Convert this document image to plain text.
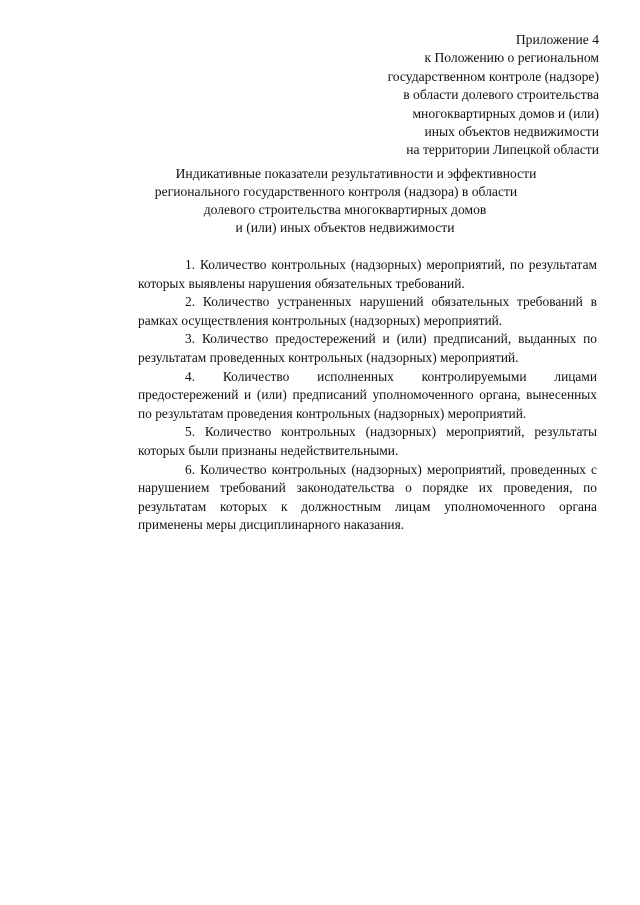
Приложение 4
к Положению о региональном
государственном контроле (надзоре)
в области долевого строительства
многоквартирных домов и (или)
иных объектов недвижимости
на территории Липецкой области
Индикативные показатели результативности и эффективности
регионального государственного контроля (надзора) в области
долевого строительства многоквартирных домов
и (или) иных объектов недвижимости
1. Количество контрольных (надзорных) мероприятий, по результатам
которых выявлены нарушения обязательных требований.
2. Количество устраненных нарушений обязательных требований в
рамках осуществления контрольных (надзорных) мероприятий.
3. Количество предостережений и (или) предписаний, выданных по
результатам проведенных контрольных (надзорных) мероприятий.
4. Количество исполненных контролируемыми лицами
предостережений и (или) предписаний уполномоченного органа, вынесенных
по результатам проведения контрольных (надзорных) мероприятий.
5. Количество контрольных (надзорных) мероприятий, результаты
которых были признаны недействительными.
6. Количество контрольных (надзорных) мероприятий, проведенных с
нарушением требований законодательства о порядке их проведения, по
результатам которых к должностным лицам уполномоченного органа
применены меры дисциплинарного наказания.
